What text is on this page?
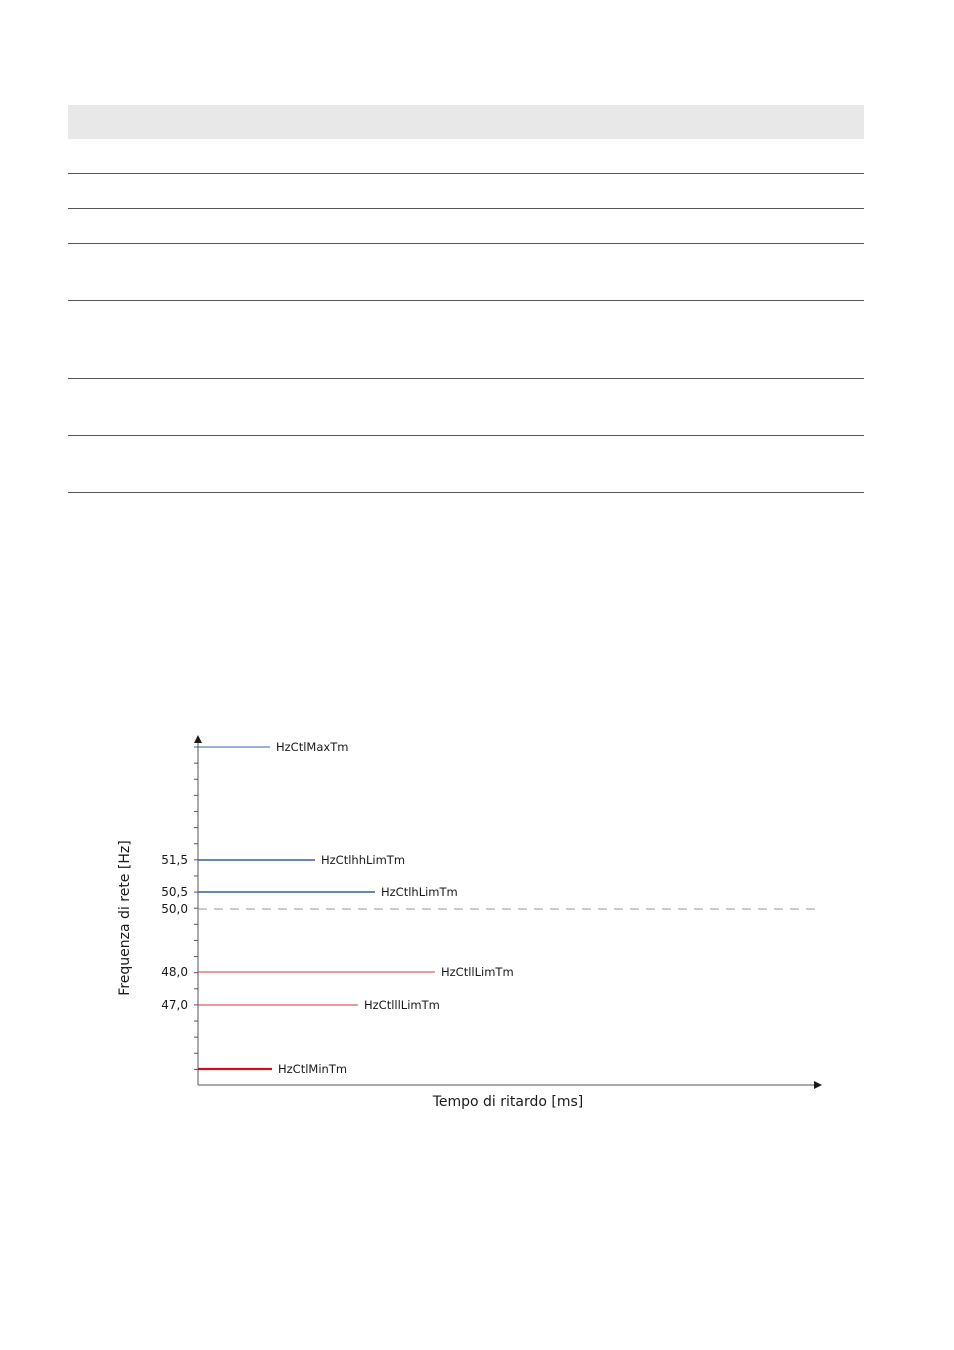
HzCtlMaxTm
HzCtlhhLimTm
HzCtlhLimTm
HzCtllLimTm
HzCtlllLimTm
HzCtlMinTm
51,5
50,5
48,0
47,0
50,0
Tempo di ritardo [ms]
Frequenza di rete [Hz]
